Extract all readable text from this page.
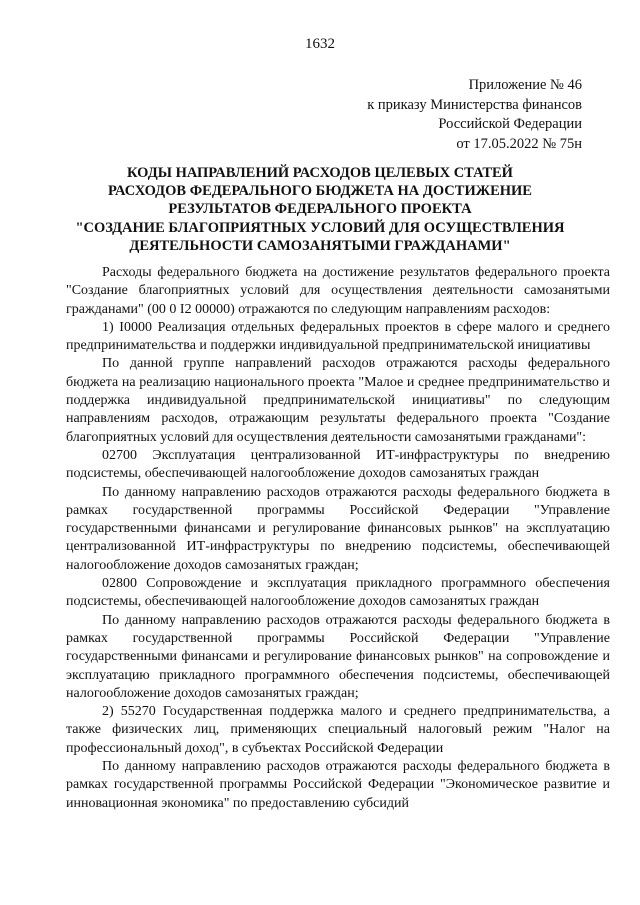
1632
Приложение № 46
к приказу Министерства финансов
Российской Федерации
от 17.05.2022 № 75н
КОДЫ НАПРАВЛЕНИЙ РАСХОДОВ ЦЕЛЕВЫХ СТАТЕЙ
РАСХОДОВ ФЕДЕРАЛЬНОГО БЮДЖЕТА НА ДОСТИЖЕНИЕ
РЕЗУЛЬТАТОВ ФЕДЕРАЛЬНОГО ПРОЕКТА
"СОЗДАНИЕ БЛАГОПРИЯТНЫХ УСЛОВИЙ ДЛЯ ОСУЩЕСТВЛЕНИЯ
ДЕЯТЕЛЬНОСТИ САМОЗАНЯТЫМИ ГРАЖДАНАМИ"

Расходы федерального бюджета на достижение результатов федерального проекта "Создание благоприятных условий для осуществления деятельности самозанятыми гражданами" (00 0 I2 00000) отражаются по следующим направлениям расходов:

1) I0000 Реализация отдельных федеральных проектов в сфере малого и среднего предпринимательства и поддержки индивидуальной предпринимательской инициативы

По данной группе направлений расходов отражаются расходы федерального бюджета на реализацию национального проекта "Малое и среднее предпринимательство и поддержка индивидуальной предпринимательской инициативы" по следующим направлениям расходов, отражающим результаты федерального проекта "Создание благоприятных условий для осуществления деятельности самозанятыми гражданами":

02700 Эксплуатация централизованной ИТ-инфраструктуры по внедрению подсистемы, обеспечивающей налогообложение доходов самозанятых граждан

По данному направлению расходов отражаются расходы федерального бюджета в рамках государственной программы Российской Федерации "Управление государственными финансами и регулирование финансовых рынков" на эксплуатацию централизованной ИТ-инфраструктуры по внедрению подсистемы, обеспечивающей налогообложение доходов самозанятых граждан;

02800 Сопровождение и эксплуатация прикладного программного обеспечения подсистемы, обеспечивающей налогообложение доходов самозанятых граждан

По данному направлению расходов отражаются расходы федерального бюджета в рамках государственной программы Российской Федерации "Управление государственными финансами и регулирование финансовых рынков" на сопровождение и эксплуатацию прикладного программного обеспечения подсистемы, обеспечивающей налогообложение доходов самозанятых граждан;

2) 55270 Государственная поддержка малого и среднего предпринимательства, а также физических лиц, применяющих специальный налоговый режим "Налог на профессиональный доход", в субъектах Российской Федерации

По данному направлению расходов отражаются расходы федерального бюджета в рамках государственной программы Российской Федерации "Экономическое развитие и инновационная экономика" по предоставлению субсидий
